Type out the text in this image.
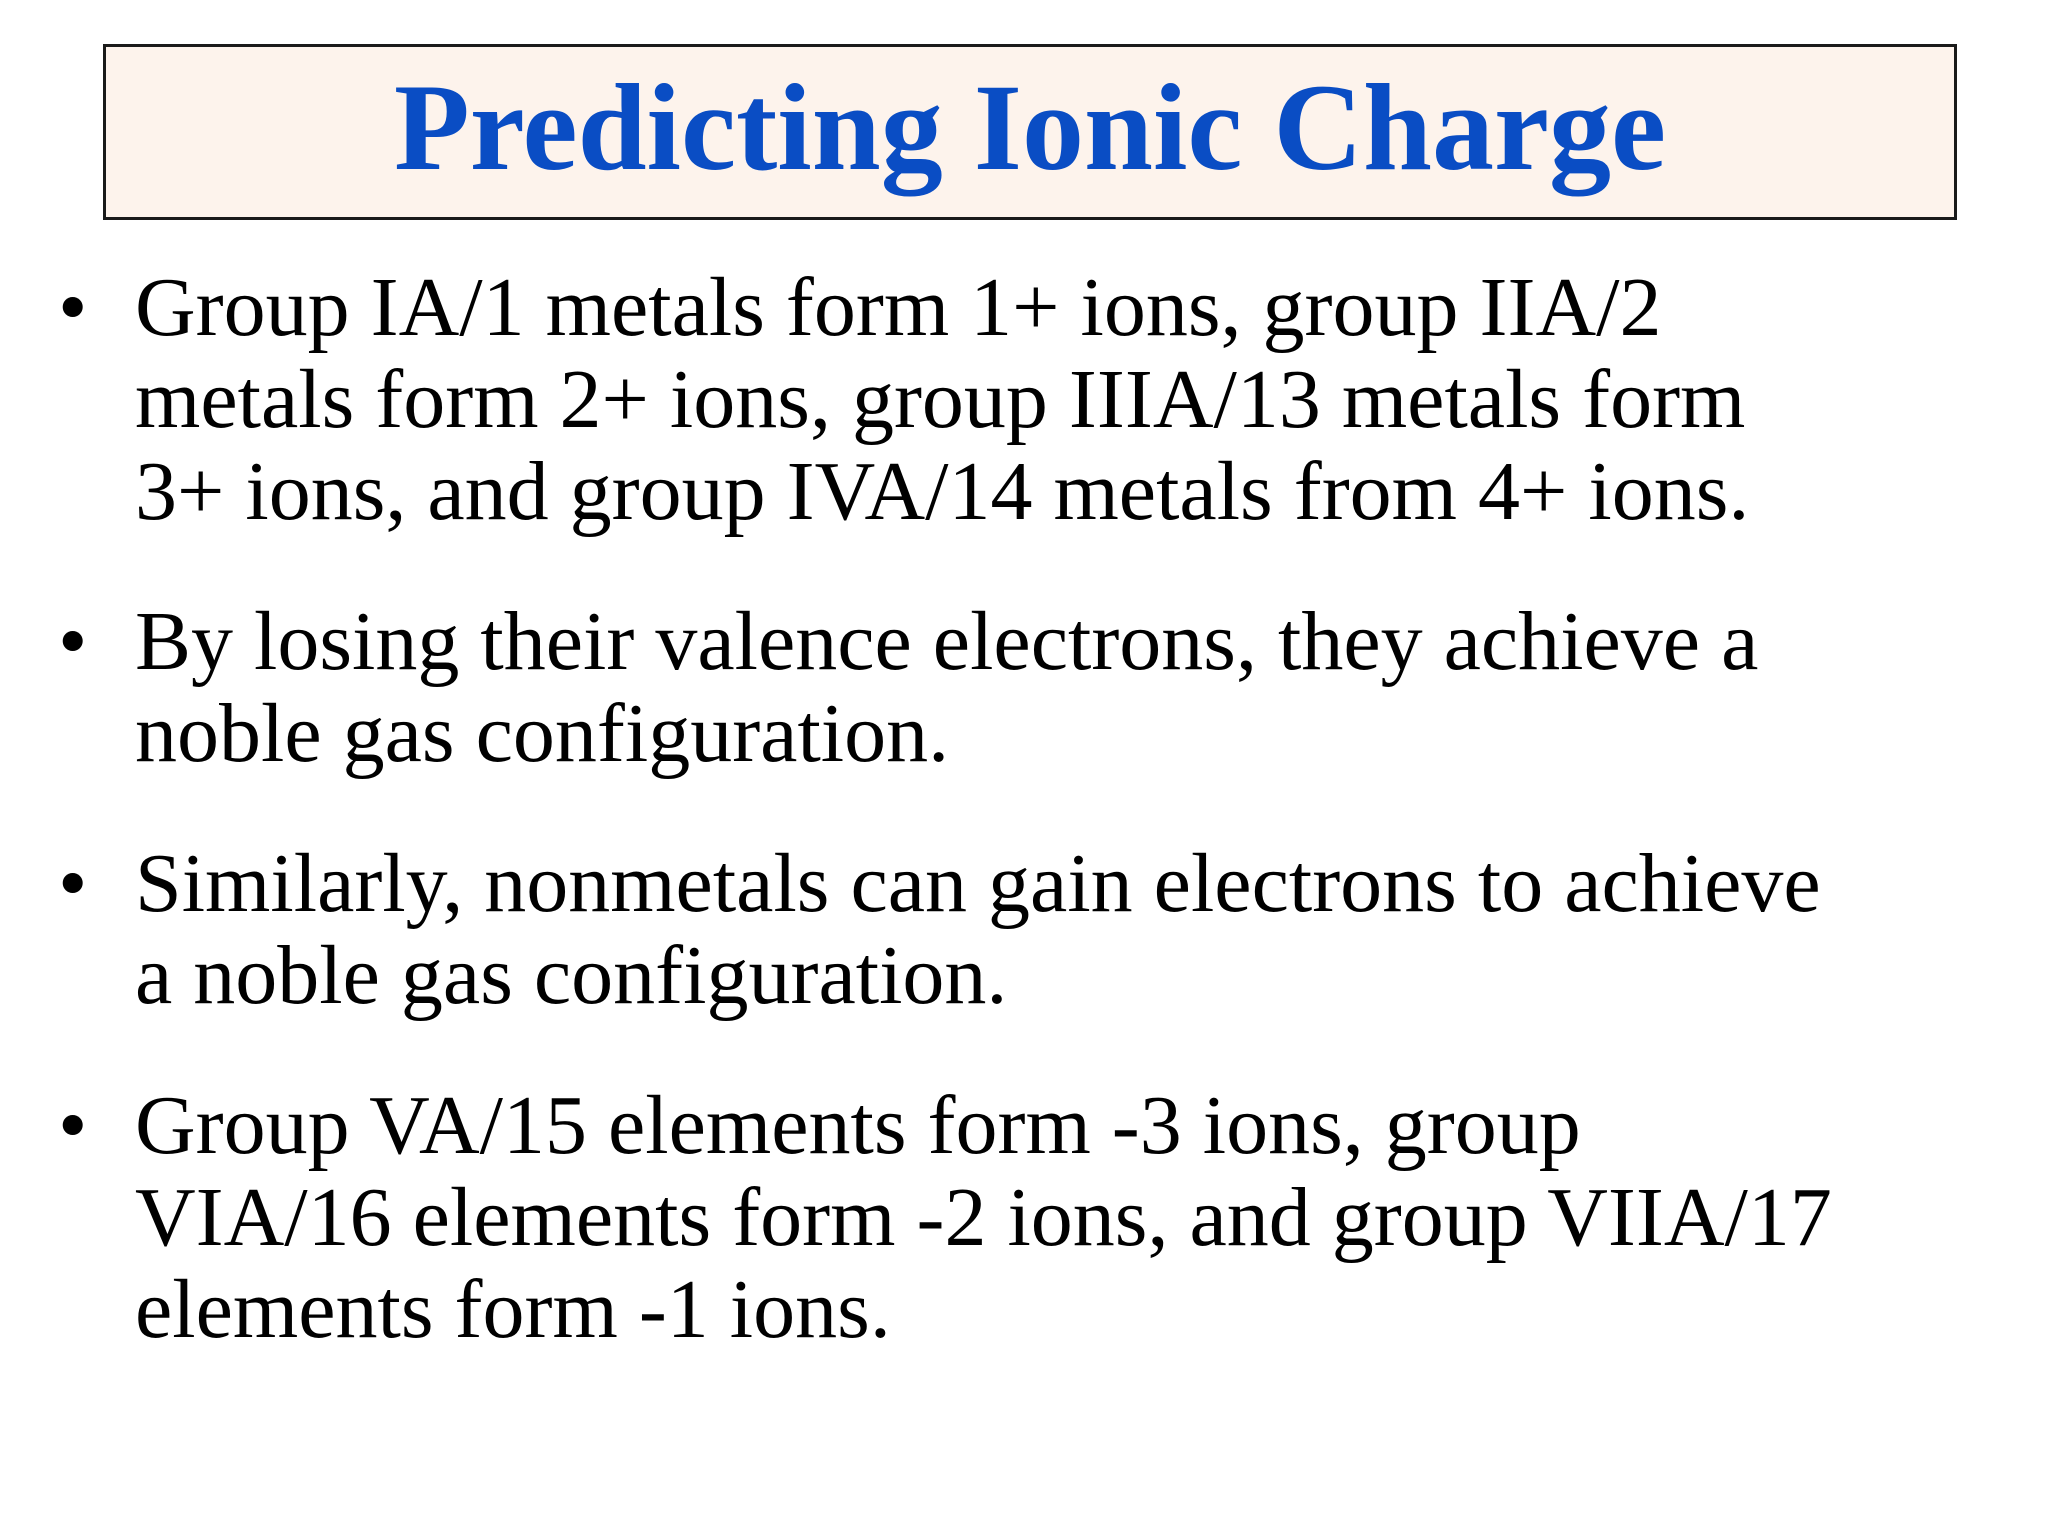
Predicting Ionic Charge
• Group IA/1 metals form 1+ ions, group IIA/2
metals form 2+ ions, group IIIA/13 metals form
3+ ions, and group IVA/14 metals from 4+ ions.

• By losing their valence electrons, they achieve a
noble gas configuration.

• Similarly, nonmetals can gain electrons to achieve
a noble gas configuration.

• Group VA/15 elements form -3 ions, group
VIA/16 elements form -2 ions, and group VIIA/17
elements form -1 ions.
